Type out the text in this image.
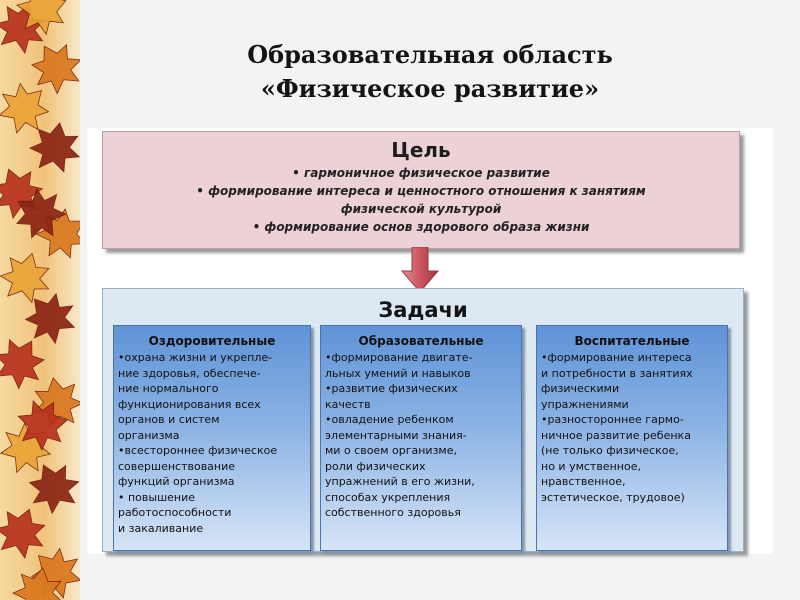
Образовательная область
«Физическое развитие»
Цель
• гармоничное физическое развитие
• формирование интереса и ценностного отношения к занятиям
физической культурой
• формирование основ здорового образа жизни
Задачи
Оздоровительные
•охрана жизни и укрепле-
ние здоровья, обеспече-
ние нормального
функционирования всех
органов и систем
организма
•всестороннее физическое
совершенствование
функций организма
• повышение
работоспособности
и закаливание
Образовательные
•формирование двигате-
льных умений и навыков
•развитие физических
качеств
•овладение ребенком
элементарными знания-
ми о своем организме,
роли физических
упражнений в его жизни,
способах укрепления
собственного здоровья
Воспитательные
•формирование интереса
и потребности в занятиях
физическими
упражнениями
•разностороннее гармо-
ничное развитие ребенка
(не только физическое,
но и умственное,
нравственное,
эстетическое, трудовое)
